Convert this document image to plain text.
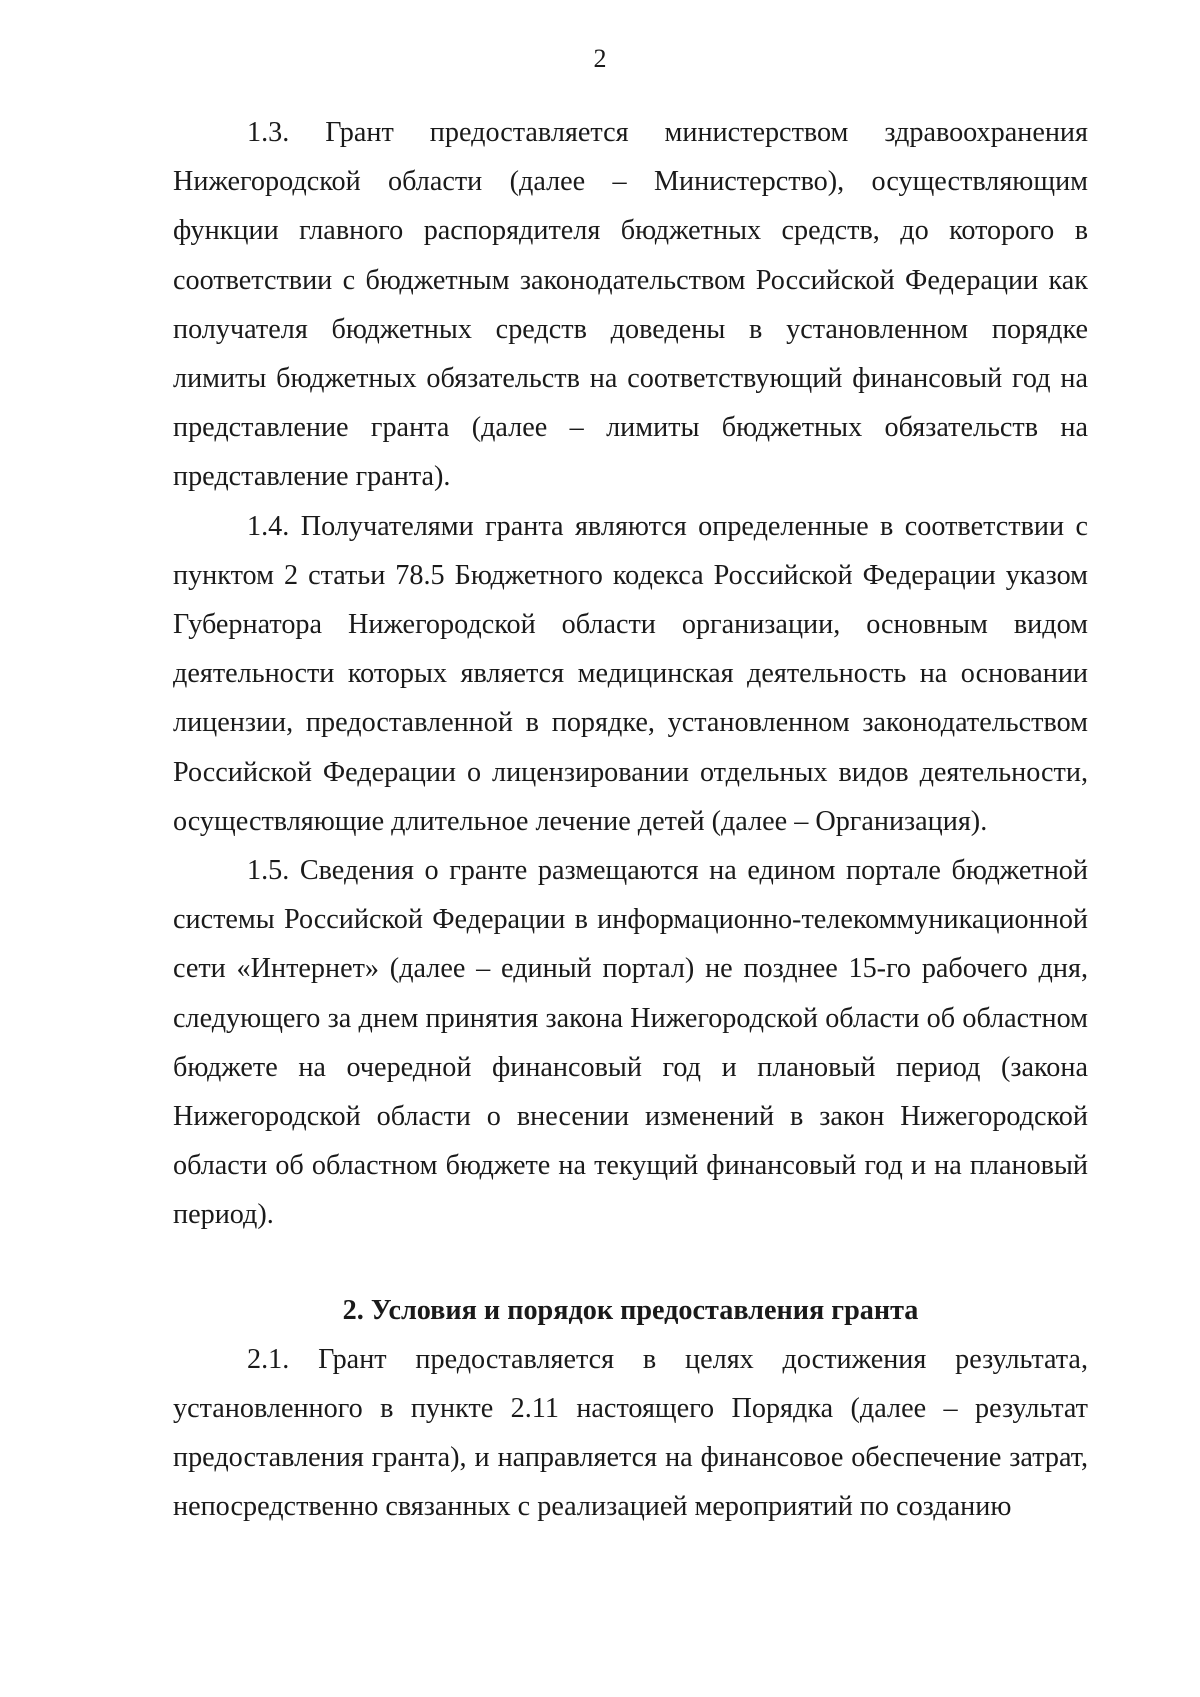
2

1.3. Грант предоставляется министерством здравоохранения Нижегородской области (далее – Министерство), осуществляющим функции главного распорядителя бюджетных средств, до которого в соответствии с бюджетным законодательством Российской Федерации как получателя бюджетных средств доведены в установленном порядке лимиты бюджетных обязательств на соответствующий финансовый год на представление гранта (далее – лимиты бюджетных обязательств на представление гранта).

1.4. Получателями гранта являются определенные в соответствии с пунктом 2 статьи 78.5 Бюджетного кодекса Российской Федерации указом Губернатора Нижегородской области организации, основным видом деятельности которых является медицинская деятельность на основании лицензии, предоставленной в порядке, установленном законодательством Российской Федерации о лицензировании отдельных видов деятельности, осуществляющие длительное лечение детей (далее – Организация).

1.5. Сведения о гранте размещаются на едином портале бюджетной системы Российской Федерации в информационно-телекоммуникационной сети «Интернет» (далее – единый портал) не позднее 15-го рабочего дня, следующего за днем принятия закона Нижегородской области об областном бюджете на очередной финансовый год и плановый период (закона Нижегородской области о внесении изменений в закон Нижегородской области об областном бюджете на текущий финансовый год и на плановый период).

2. Условия и порядок предоставления гранта

2.1. Грант предоставляется в целях достижения результата, установленного в пункте 2.11 настоящего Порядка (далее – результат предоставления гранта), и направляется на финансовое обеспечение затрат, непосредственно связанных с реализацией мероприятий по созданию
